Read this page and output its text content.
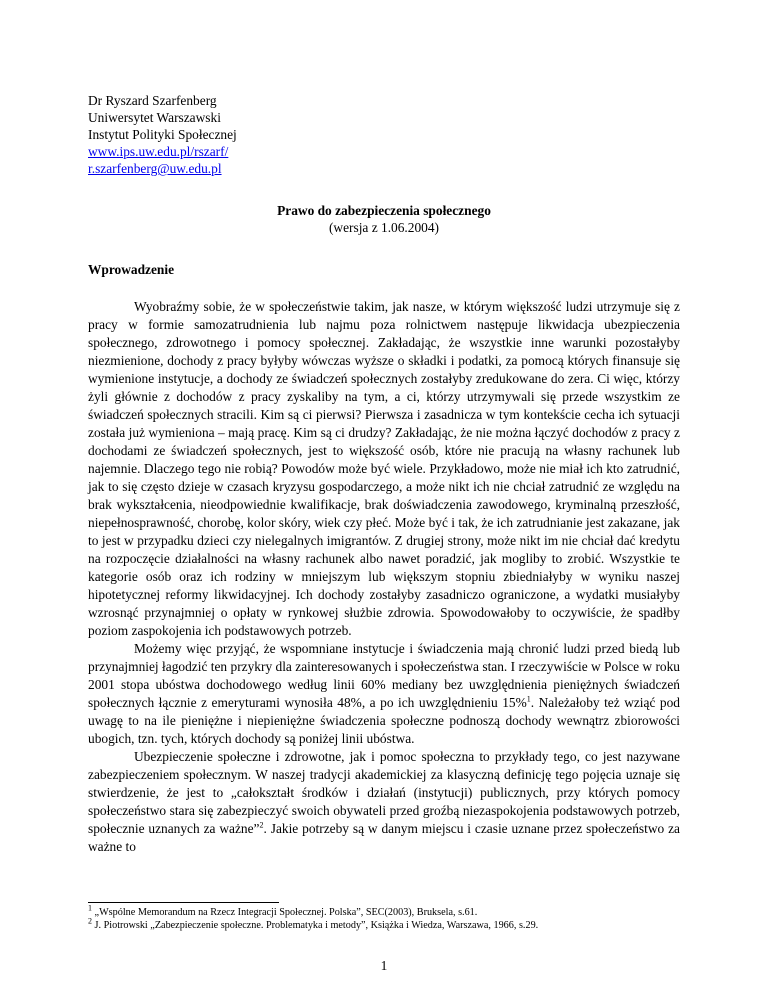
Dr Ryszard Szarfenberg
Uniwersytet Warszawski
Instytut Polityki Społecznej
www.ips.uw.edu.pl/rszarf/
r.szarfenberg@uw.edu.pl
Prawo do zabezpieczenia społecznego
(wersja z 1.06.2004)
Wprowadzenie

Wyobraźmy sobie, że w społeczeństwie takim, jak nasze, w którym większość ludzi utrzymuje się z pracy w formie samozatrudnienia lub najmu poza rolnictwem następuje likwidacja ubezpieczenia społecznego, zdrowotnego i pomocy społecznej. Zakładając, że wszystkie inne warunki pozostałyby niezmienione, dochody z pracy byłyby wówczas wyższe o składki i podatki, za pomocą których finansuje się wymienione instytucje, a dochody ze świadczeń społecznych zostałyby zredukowane do zera. Ci więc, którzy żyli głównie z dochodów z pracy zyskaliby na tym, a ci, którzy utrzymywali się przede wszystkim ze świadczeń społecznych stracili. Kim są ci pierwsi? Pierwsza i zasadnicza w tym kontekście cecha ich sytuacji została już wymieniona – mają pracę. Kim są ci drudzy? Zakładając, że nie można łączyć dochodów z pracy z dochodami ze świadczeń społecznych, jest to większość osób, które nie pracują na własny rachunek lub najemnie. Dlaczego tego nie robią? Powodów może być wiele. Przykładowo, może nie miał ich kto zatrudnić, jak to się często dzieje w czasach kryzysu gospodarczego, a może nikt ich nie chciał zatrudnić ze względu na brak wykształcenia, nieodpowiednie kwalifikacje, brak doświadczenia zawodowego, kryminalną przeszłość, niepełnosprawność, chorobę, kolor skóry, wiek czy płeć. Może być i tak, że ich zatrudnianie jest zakazane, jak to jest w przypadku dzieci czy nielegalnych imigrantów. Z drugiej strony, może nikt im nie chciał dać kredytu na rozpoczęcie działalności na własny rachunek albo nawet poradzić, jak mogliby to zrobić. Wszystkie te kategorie osób oraz ich rodziny w mniejszym lub większym stopniu zbiedniałyby w wyniku naszej hipotetycznej reformy likwidacyjnej. Ich dochody zostałyby zasadniczo ograniczone, a wydatki musiałyby wzrosnąć przynajmniej o opłaty w rynkowej służbie zdrowia. Spowodowałoby to oczywiście, że spadłby poziom zaspokojenia ich podstawowych potrzeb.

Możemy więc przyjąć, że wspomniane instytucje i świadczenia mają chronić ludzi przed biedą lub przynajmniej łagodzić ten przykry dla zainteresowanych i społeczeństwa stan. I rzeczywiście w Polsce w roku 2001 stopa ubóstwa dochodowego według linii 60% mediany bez uwzględnienia pieniężnych świadczeń społecznych łącznie z emeryturami wynosiła 48%, a po ich uwzględnieniu 15%$^1$. Należałoby też wziąć pod uwagę to na ile pieniężne i niepieniężne świadczenia społeczne podnoszą dochody wewnątrz zbiorowości ubogich, tzn. tych, których dochody są poniżej linii ubóstwa.

Ubezpieczenie społeczne i zdrowotne, jak i pomoc społeczna to przykłady tego, co jest nazywane zabezpieczeniem społecznym. W naszej tradycji akademickiej za klasyczną definicję tego pojęcia uznaje się stwierdzenie, że jest to „całokształt środków i działań (instytucji) publicznych, przy których pomocy społeczeństwo stara się zabezpieczyć swoich obywateli przed groźbą niezaspokojenia podstawowych potrzeb, społecznie uznanych za ważne”$^2$. Jakie potrzeby są w danym miejscu i czasie uznane przez społeczeństwo za ważne to

$^1$ „Wspólne Memorandum na Rzecz Integracji Społecznej. Polska”, SEC(2003), Bruksela, s.61.
$^2$ J. Piotrowski „Zabezpieczenie społeczne. Problematyka i metody”, Książka i Wiedza, Warszawa, 1966, s.29.
1
